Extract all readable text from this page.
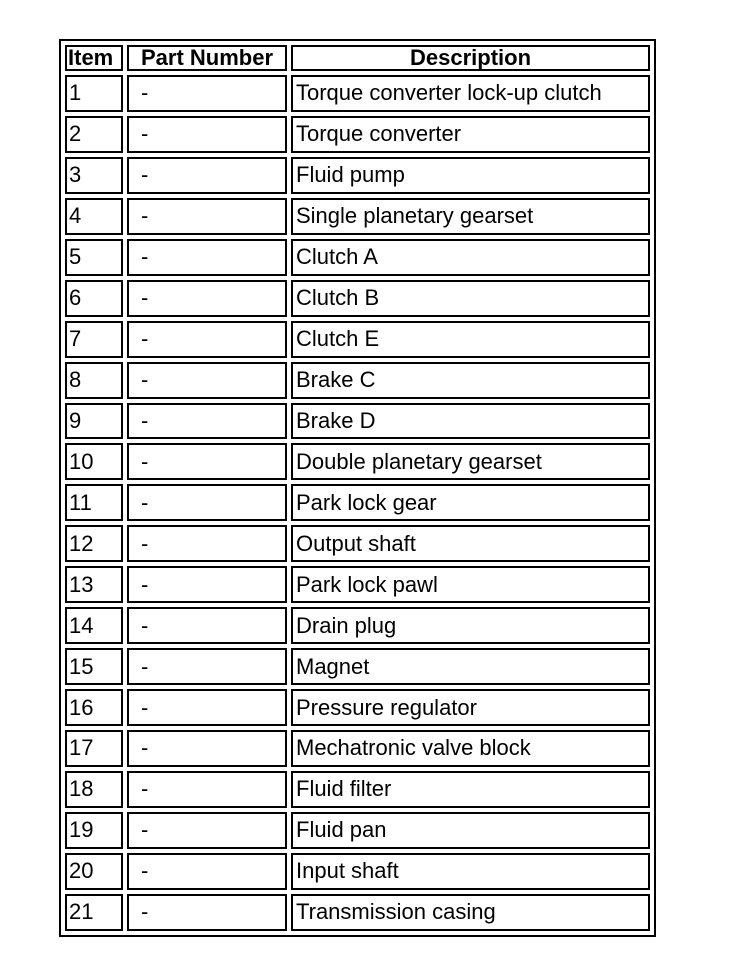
Item	Part Number	Description
1	-	Torque converter lock-up clutch
2	-	Torque converter
3	-	Fluid pump
4	-	Single planetary gearset
5	-	Clutch A
6	-	Clutch B
7	-	Clutch E
8	-	Brake C
9	-	Brake D
10	-	Double planetary gearset
11	-	Park lock gear
12	-	Output shaft
13	-	Park lock pawl
14	-	Drain plug
15	-	Magnet
16	-	Pressure regulator
17	-	Mechatronic valve block
18	-	Fluid filter
19	-	Fluid pan
20	-	Input shaft
21	-	Transmission casing
